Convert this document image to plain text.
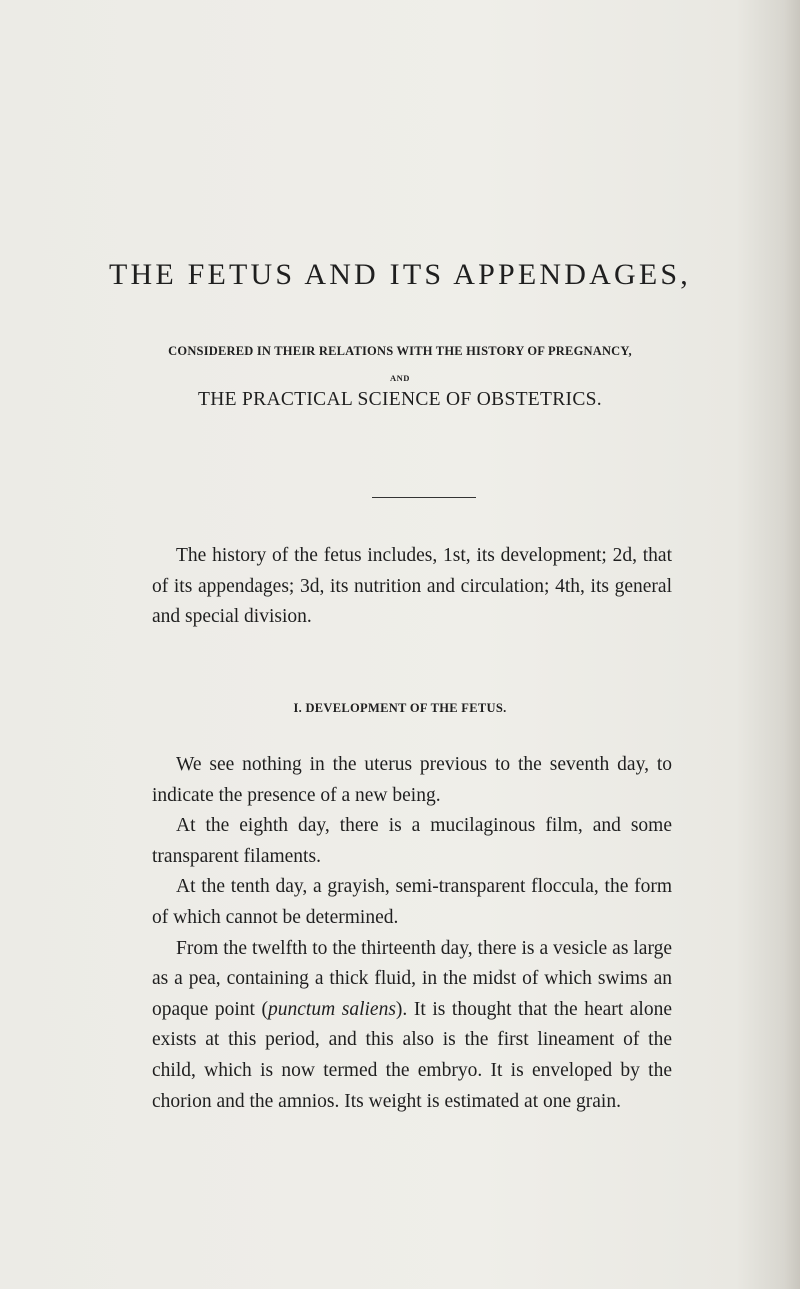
THE FETUS AND ITS APPENDAGES,

CONSIDERED IN THEIR RELATIONS WITH THE HISTORY OF PREGNANCY,

AND

THE PRACTICAL SCIENCE OF OBSTETRICS.

The history of the fetus includes, 1st, its development; 2d, that of its appendages; 3d, its nutrition and circulation; 4th, its general and special division.

I. DEVELOPMENT OF THE FETUS.

We see nothing in the uterus previous to the seventh day, to indicate the presence of a new being.

At the eighth day, there is a mucilaginous film, and some transparent filaments.

At the tenth day, a grayish, semi-transparent floccula, the form of which cannot be determined.

From the twelfth to the thirteenth day, there is a vesicle as large as a pea, containing a thick fluid, in the midst of which swims an opaque point (punctum saliens). It is thought that the heart alone exists at this period, and this also is the first lineament of the child, which is now termed the embryo. It is enveloped by the chorion and the amnios. Its weight is estimated at one grain.
